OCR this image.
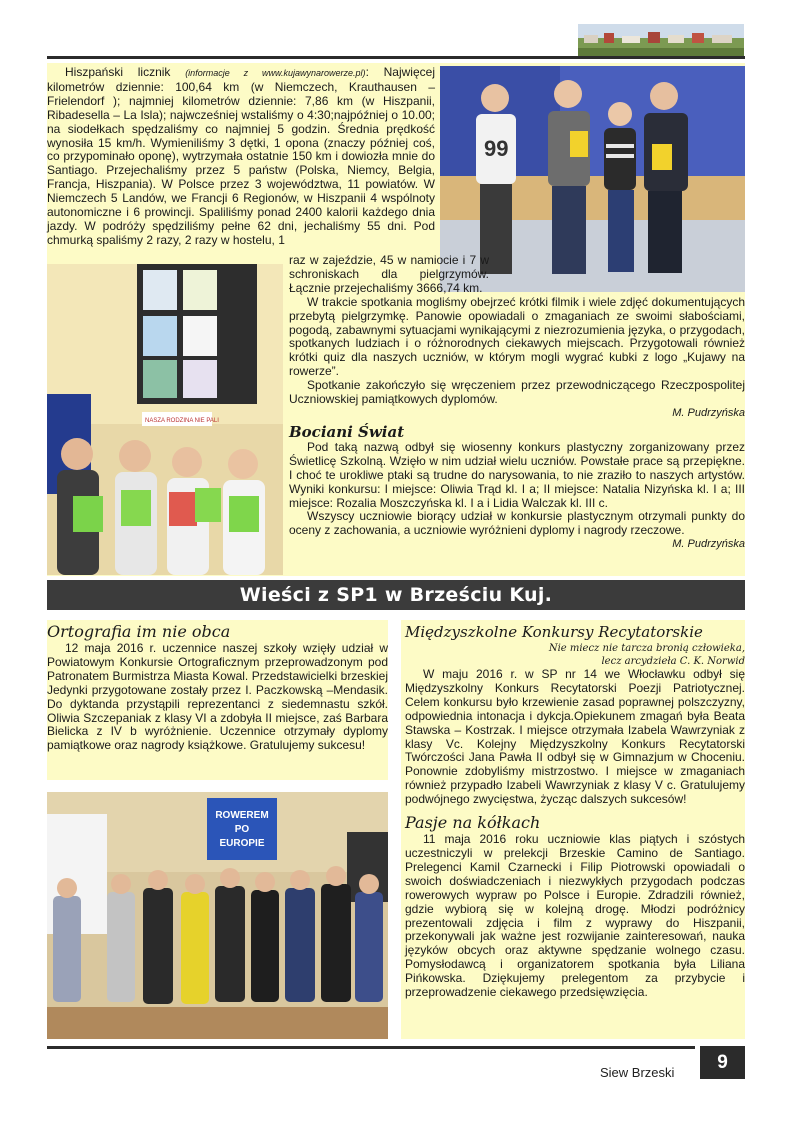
99
NASZA RODZINA NIE PALI

Hiszpański licznik (informacje z www.kujawynarowerze.pl): Najwięcej kilometrów dziennie: 100,64 km (w Niemczech, Krauthausen – Frielendorf ); najmniej kilometrów dziennie: 7,86 km (w Hiszpanii, Ribadesella – La Isla); najwcześniej wstaliśmy o 4:30;najpóźniej o 10.00; na siodełkach spędzaliśmy co najmniej 5 godzin. Średnia prędkość wynosiła 15 km/h. Wymieniliśmy 3 dętki, 1 opona (znaczy później coś, co przypominało oponę), wytrzymała ostatnie 150 km i dowiozła mnie do Santiago. Przejechaliśmy przez 5 państw (Polska, Niemcy, Belgia, Francja, Hiszpania). W Polsce przez 3 województwa, 11 powiatów. W Niemczech 5 Landów, we Francji 6 Regionów, w Hiszpanii 4 wspólnoty autonomiczne i 6 prowincji. Spaliliśmy ponad 2400 kalorii każdego dnia jazdy. W podróży spędziliśmy pełne 62 dni, jechaliśmy 55 dni. Pod chmurką spaliśmy 2 razy, 2 razy w hostelu, 1

raz w zajeździe, 45 w namiocie i 7 w schroniskach dla pielgrzymów. Łącznie przejechaliśmy 3666,74 km.

W trakcie spotkania mogliśmy obejrzeć krótki filmik i wiele zdjęć dokumentujących przebytą pielgrzymkę. Panowie opowiadali o zmaganiach ze swoimi słabościami, pogodą, zabawnymi sytuacjami wynikającymi z niezrozumienia języka, o przygodach, spotkanych ludziach i o różnorodnych ciekawych miejscach. Przygotowali również krótki quiz dla naszych uczniów, w którym mogli wygrać kubki z logo „Kujawy na rowerze”.

Spotkanie zakończyło się wręczeniem przez przewodniczącego Rzeczpospolitej Uczniowskiej pamiątkowych dyplomów.

M. Pudrzyńska
Bociani Świat

Pod taką nazwą odbył się wiosenny konkurs plastyczny zorganizowany przez Świetlicę Szkolną. Wzięło w nim udział wielu uczniów. Powstałe prace są przepiękne. I choć te urokliwe ptaki są trudne do narysowania, to nie zraziło to naszych artystów. Wyniki konkursu: I miejsce: Oliwia Trąd kl. I a; II miejsce: Natalia Nizyńska kl. I a; III miejsce: Rozalia Moszczyńska kl. I a i Lidia Walczak kl. III c.

Wszyscy uczniowie biorący udział w konkursie plastycznym otrzymali punkty do oceny z zachowania, a uczniowie wyróżnieni dyplomy i nagrody rzeczowe.

M. Pudrzyńska
Wieści z SP1 w Brześciu Kuj.
Ortografia im nie obca

12 maja 2016 r. uczennice naszej szkoły wzięły udział w Powiatowym Konkursie Ortograficznym przeprowadzonym pod Patronatem Burmistrza Miasta Kowal. Przedstawicielki brzeskiej Jedynki przygotowane zostały przez I. Paczkowską –Mendasik. Do dyktanda przystąpili reprezentanci z siedemnastu szkół. Oliwia Szczepaniak z klasy VI a zdobyła II miejsce, zaś Barbara Bielicka z IV b wyróżnienie. Uczennice otrzymały dyplomy pamiątkowe oraz nagrody książkowe. Gratulujemy sukcesu!

ROWEREM
PO
EUROPIE
Międzyszkolne Konkursy Recytatorskie
Nie miecz nie tarcza bronią człowieka,
lecz arcydzieła C. K. Norwid

W maju 2016 r. w SP nr 14 we Włocławku odbył się Międzyszkolny Konkurs Recytatorski Poezji Patriotycznej. Celem konkursu było krzewienie zasad poprawnej polszczyzny, odpowiednia intonacja i dykcja.Opiekunem zmagań była Beata Stawska – Kostrzak. I miejsce otrzymała Izabela Wawrzyniak z klasy Vc. Kolejny Międzyszkolny Konkurs Recytatorski Twórczości Jana Pawła II odbył się w Gimnazjum w Choceniu. Ponownie zdobyliśmy mistrzostwo. I miejsce w zmaganiach również przypadło Izabeli Wawrzyniak z klasy V c. Gratulujemy podwójnego zwycięstwa, życząc dalszych sukcesów!

Pasje na kółkach

11 maja 2016 roku uczniowie klas piątych i szóstych uczestniczyli w prelekcji Brzeskie Camino de Santiago. Prelegenci Kamil Czarnecki i Filip Piotrowski opowiadali o swoich doświadczeniach i niezwykłych przygodach podczas rowerowych wypraw po Polsce i Europie. Zdradzili również, gdzie wybiorą się w kolejną drogę. Młodzi podróżnicy prezentowali zdjęcia i film z wyprawy do Hiszpanii, przekonywali jak ważne jest rozwijanie zainteresowań, nauka języków obcych oraz aktywne spędzanie wolnego czasu. Pomysłodawcą i organizatorem spotkania była Liliana Pińkowska. Dziękujemy prelegentom za przybycie i przeprowadzenie ciekawego przedsięwzięcia.

Siew Brzeski	9
